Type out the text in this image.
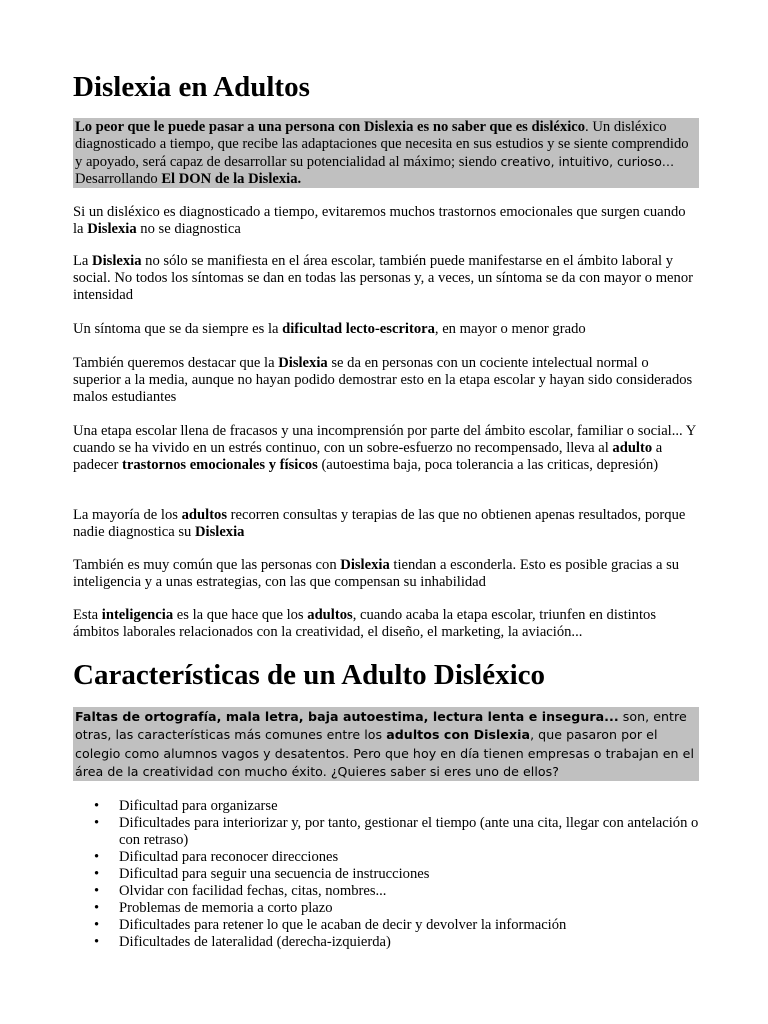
Dislexia en Adultos
Lo peor que le puede pasar a una persona con Dislexia es no saber que es disléxico. Un disléxico diagnosticado a tiempo, que recibe las adaptaciones que necesita en sus estudios y se siente comprendido y apoyado, será capaz de desarrollar su potencialidad al máximo; siendo creativo, intuitivo, curioso… Desarrollando El DON de la Dislexia.

Si un disléxico es diagnosticado a tiempo, evitaremos muchos trastornos emocionales que surgen cuando la Dislexia no se diagnostica

La Dislexia no sólo se manifiesta en el área escolar, también puede manifestarse en el ámbito laboral y social. No todos los síntomas se dan en todas las personas y, a veces, un síntoma se da con mayor o menor intensidad

Un síntoma que se da siempre es la dificultad lecto-escritora, en mayor o menor grado

También queremos destacar que la Dislexia se da en personas con un cociente intelectual normal o superior a la media, aunque no hayan podido demostrar esto en la etapa escolar y hayan sido considerados malos estudiantes

Una etapa escolar llena de fracasos y una incomprensión por parte del ámbito escolar, familiar o social... Y cuando se ha vivido en un estrés continuo, con un sobre-esfuerzo no recompensado, lleva al adulto a padecer trastornos emocionales y físicos (autoestima baja, poca tolerancia a las criticas, depresión)

La mayoría de los adultos recorren consultas y terapias de las que no obtienen apenas resultados, porque nadie diagnostica su Dislexia

También es muy común que las personas con Dislexia tiendan a esconderla. Esto es posible gracias a su inteligencia y a unas estrategias, con las que compensan su inhabilidad

Esta inteligencia es la que hace que los adultos, cuando acaba la etapa escolar, triunfen en distintos ámbitos laborales relacionados con la creatividad, el diseño, el marketing, la aviación...

Características de un Adulto Disléxico
Faltas de ortografía, mala letra, baja autoestima, lectura lenta e insegura... son, entre otras, las características más comunes entre los adultos con Dislexia, que pasaron por el colegio como alumnos vagos y desatentos. Pero que hoy en día tienen empresas o trabajan en el área de la creatividad con mucho éxito. ¿Quieres saber si eres uno de ellos?
• Dificultad para organizarse
• Dificultades para interiorizar y, por tanto, gestionar el tiempo (ante una cita, llegar con antelación o con retraso)
• Dificultad para reconocer direcciones
• Dificultad para seguir una secuencia de instrucciones
• Olvidar con facilidad fechas, citas, nombres...
• Problemas de memoria a corto plazo
• Dificultades para retener lo que le acaban de decir y devolver la información
• Dificultades de lateralidad (derecha-izquierda)
